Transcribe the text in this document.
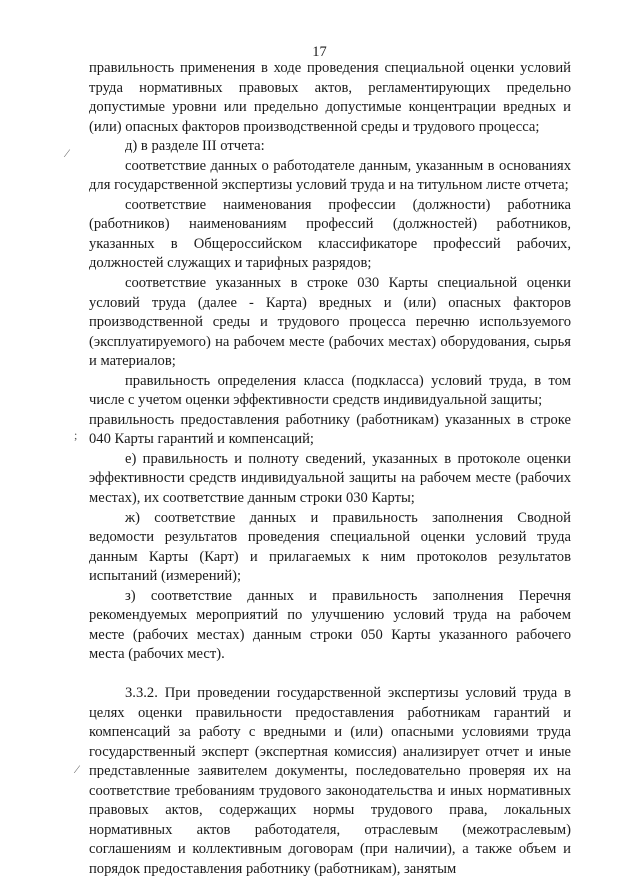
17
⁄
;
⁄

правильность применения в ходе проведения специальной оценки условий труда нормативных правовых актов, регламентирующих предельно допустимые уровни или предельно допустимые концентрации вредных и (или) опасных факторов производственной среды и трудового процесса;

д) в разделе III отчета:

соответствие данных о работодателе данным, указанным в основаниях для государственной экспертизы условий труда и на титульном листе отчета;

соответствие наименования профессии (должности) работника (работников) наименованиям профессий (должностей) работников, указанных в Общероссийском классификаторе профессий рабочих, должностей служащих и тарифных разрядов;

соответствие указанных в строке 030 Карты специальной оценки условий труда (далее - Карта) вредных и (или) опасных факторов производственной среды и трудового процесса перечню используемого (эксплуатируемого) на рабочем месте (рабочих местах) оборудования, сырья и материалов;

правильность определения класса (подкласса) условий труда, в том числе с учетом оценки эффективности средств индивидуальной защиты;

правильность предоставления работнику (работникам) указанных в строке 040 Карты гарантий и компенсаций;

е) правильность и полноту сведений, указанных в протоколе оценки эффективности средств индивидуальной защиты на рабочем месте (рабочих местах), их соответствие данным строки 030 Карты;

ж) соответствие данных и правильность заполнения Сводной ведомости результатов проведения специальной оценки условий труда данным Карты (Карт) и прилагаемых к ним протоколов результатов испытаний (измерений);

з) соответствие данных и правильность заполнения Перечня рекомендуемых мероприятий по улучшению условий труда на рабочем месте (рабочих местах) данным строки 050 Карты указанного рабочего места (рабочих мест).

3.3.2. При проведении государственной экспертизы условий труда в целях оценки правильности предоставления работникам гарантий и компенсаций за работу с вредными и (или) опасными условиями труда государственный эксперт (экспертная комиссия) анализирует отчет и иные представленные заявителем документы, последовательно проверяя их на соответствие требованиям трудового законодательства и иных нормативных правовых актов, содержащих нормы трудового права, локальных нормативных актов работодателя, отраслевым (межотраслевым) соглашениям и коллективным договорам (при наличии), а также объем и порядок предоставления работнику (работникам), занятым
